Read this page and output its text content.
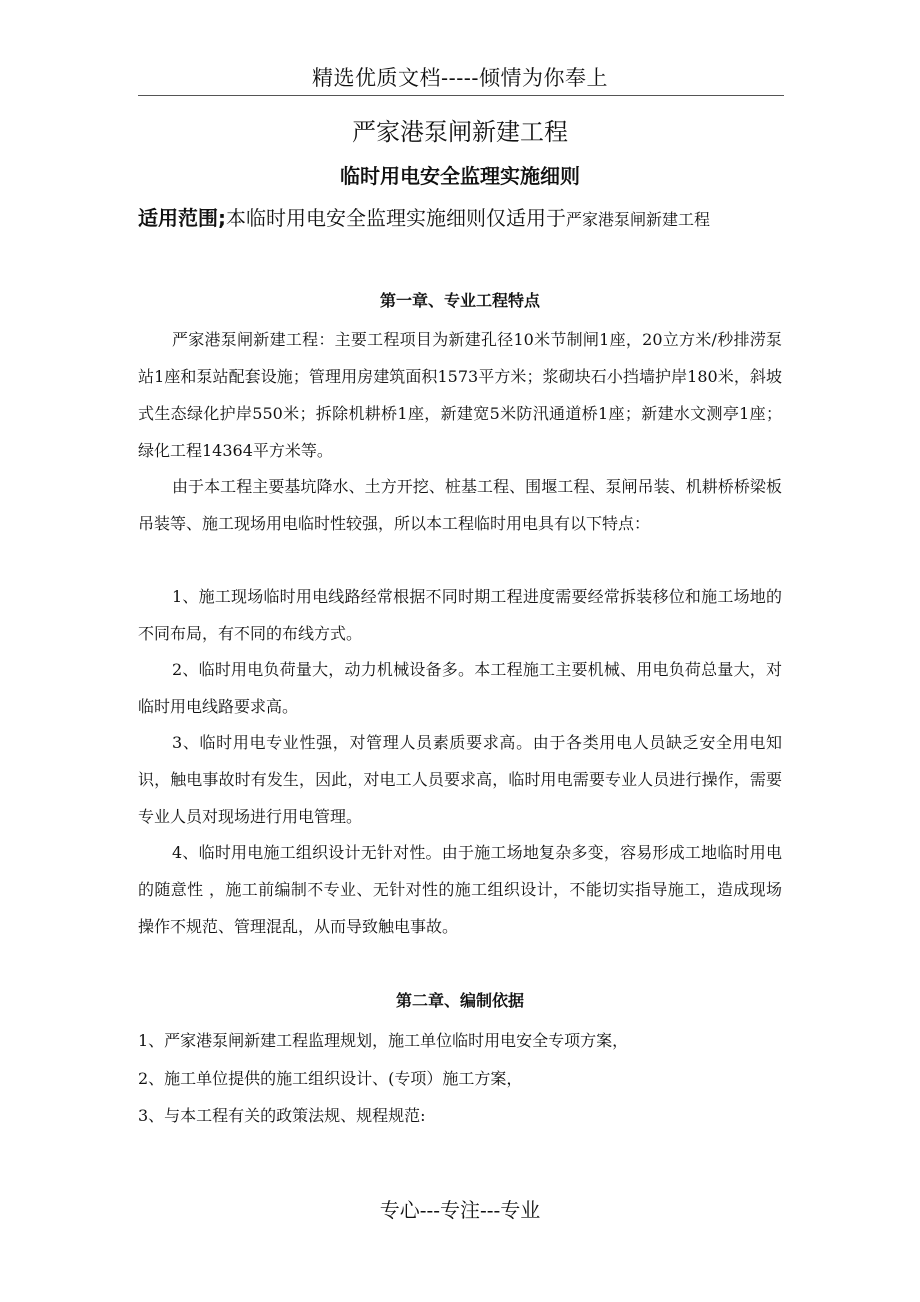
精选优质文档-----倾情为你奉上
严家港泵闸新建工程
临时用电安全监理实施细则
适用范围;本临时用电安全监理实施细则仅适用于严家港泵闸新建工程
第一章、专业工程特点

严家港泵闸新建工程：主要工程项目为新建孔径10米节制闸1座，20立方米/秒排涝泵站1座和泵站配套设施；管理用房建筑面积1573平方米；浆砌块石小挡墙护岸180米，斜坡式生态绿化护岸550米；拆除机耕桥1座，新建宽5米防汛通道桥1座；新建水文测亭1座；绿化工程14364平方米等。

由于本工程主要基坑降水、土方开挖、桩基工程、围堰工程、泵闸吊装、机耕桥桥梁板吊装等、施工现场用电临时性较强，所以本工程临时用电具有以下特点：

1、施工现场临时用电线路经常根据不同时期工程进度需要经常拆装移位和施工场地的不同布局，有不同的布线方式。

2、临时用电负荷量大，动力机械设备多。本工程施工主要机械、用电负荷总量大，对临时用电线路要求高。

3、临时用电专业性强，对管理人员素质要求高。由于各类用电人员缺乏安全用电知识，触电事故时有发生，因此，对电工人员要求高，临时用电需要专业人员进行操作，需要专业人员对现场进行用电管理。

4、临时用电施工组织设计无针对性。由于施工场地复杂多变，容易形成工地临时用电的随意性 ，施工前编制不专业、无针对性的施工组织设计，不能切实指导施工，造成现场操作不规范、管理混乱，从而导致触电事故。

第二章、编制依据

1、严家港泵闸新建工程监理规划，施工单位临时用电安全专项方案，

2、施工单位提供的施工组织设计、(专项）施工方案，

3、与本工程有关的政策法规、规程规范:

专心---专注---专业
